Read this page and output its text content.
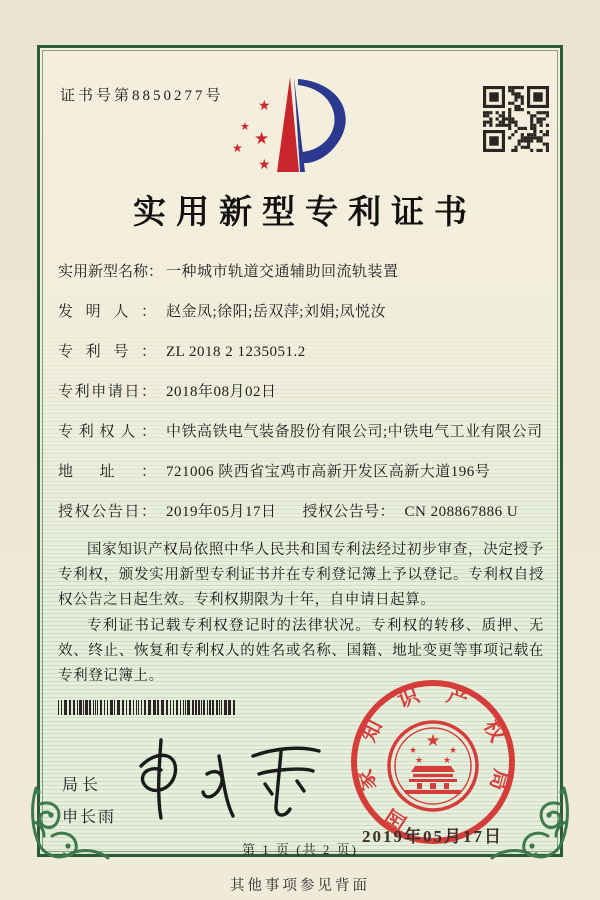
证书号第8850277号
★
★
★
★
★
实用新型专利证书
实用新型名称： 一种城市轨道交通辅助回流轨装置
发明人： 赵金凤;徐阳;岳双萍;刘娟;凤悦汝
专利号： ZL 2018 2 1235051.2
专利申请日： 2018年08月02日
专利权人： 中铁高铁电气装备股份有限公司;中铁电气工业有限公司
地址： 721006 陕西省宝鸡市高新开发区高新大道196号
授权公告日： 2019年05月17日 授权公告号： CN 208867886 U

国家知识产权局依照中华人民共和国专利法经过初步审查，决定授予专利权，颁发实用新型专利证书并在专利登记簿上予以登记。专利权自授权公告之日起生效。专利权期限为十年，自申请日起算。

专利证书记载专利权登记时的法律状况。专利权的转移、质押、无效、终止、恢复和专利权人的姓名或名称、国籍、地址变更等事项记载在专利登记簿上。

局长
申长雨	国
家
知
识 产
权
局
★
★	★
★ ★
2019年05月17日
第 1 页 (共 2 页)
其他事项参见背面
